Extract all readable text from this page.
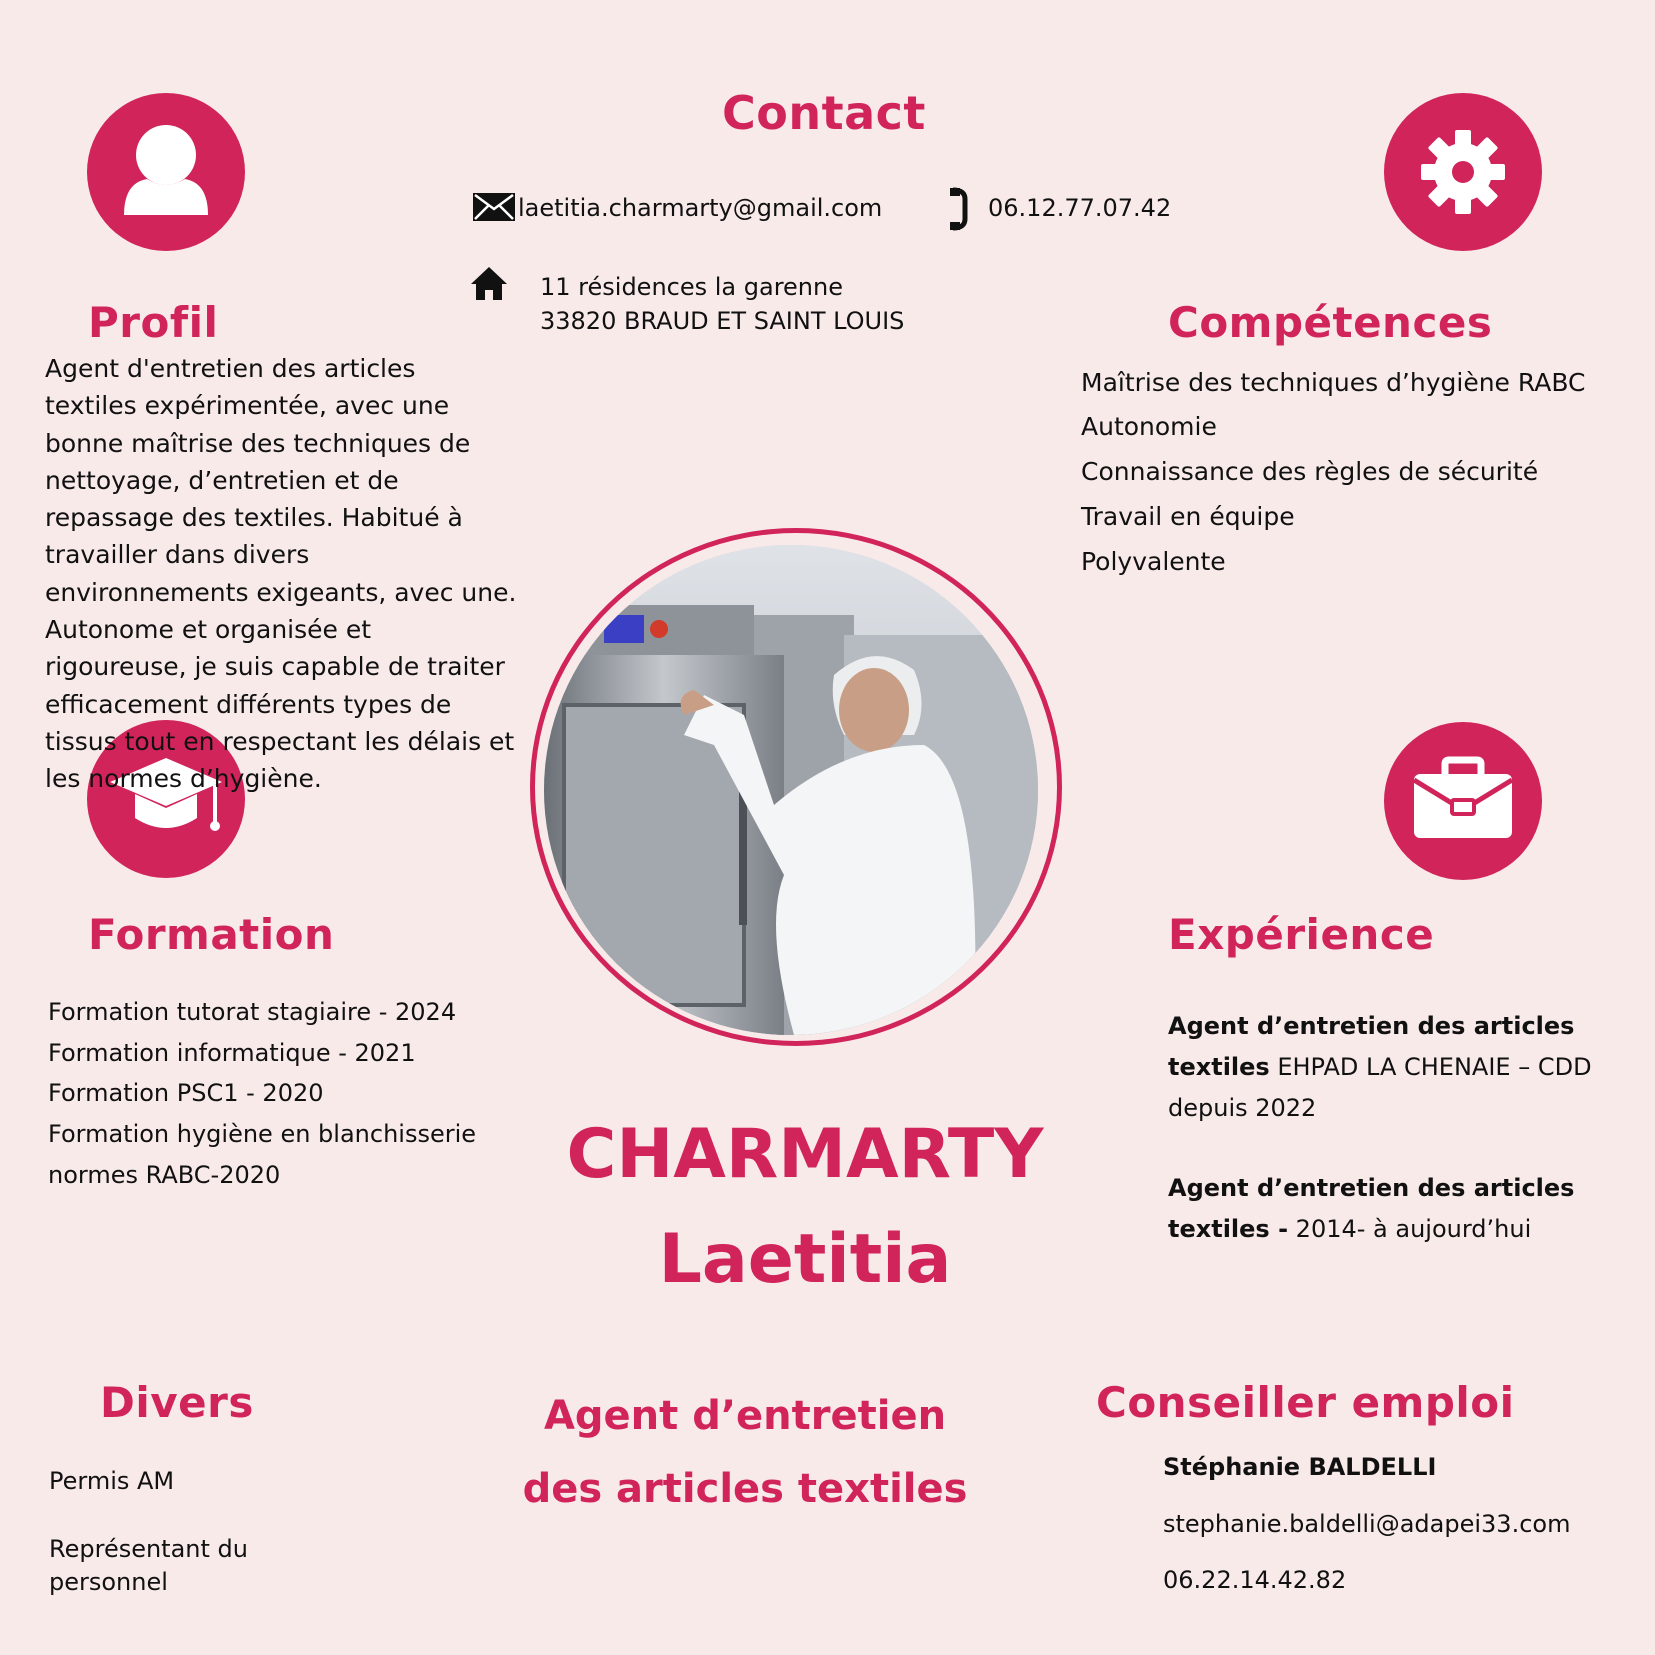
Contact
laetitia.charmarty@gmail.com	06.12.77.07.42
11 résidences la garenne
33820 BRAUD ET SAINT LOUIS
Profil
Agent d'entretien des articles
textiles expérimentée, avec une
bonne maîtrise des techniques de
nettoyage, d’entretien et de
repassage des textiles. Habitué à
travailler dans divers
environnements exigeants, avec une.
Autonome et organisée et
rigoureuse, je suis capable de traiter
efficacement différents types de
tissus tout en respectant les délais et
les normes d’hygiène.
Compétences
Maîtrise des techniques d’hygiène RABC
Autonomie
Connaissance des règles de sécurité
Travail en équipe
Polyvalente
Formation
Formation tutorat stagiaire - 2024
Formation informatique - 2021
Formation PSC1 - 2020
Formation hygiène en blanchisserie
normes RABC-2020
Expérience
Agent d’entretien des articles
textiles EHPAD LA CHENAIE – CDD
depuis 2022
Agent d’entretien des articles
textiles - 2014- à aujourd’hui
CHARMARTY
Laetitia
Agent d’entretien
des articles textiles
Divers
Permis AM
Représentant du
personnel
Conseiller emploi
Stéphanie BALDELLI
stephanie.baldelli@adapei33.com
06.22.14.42.82
